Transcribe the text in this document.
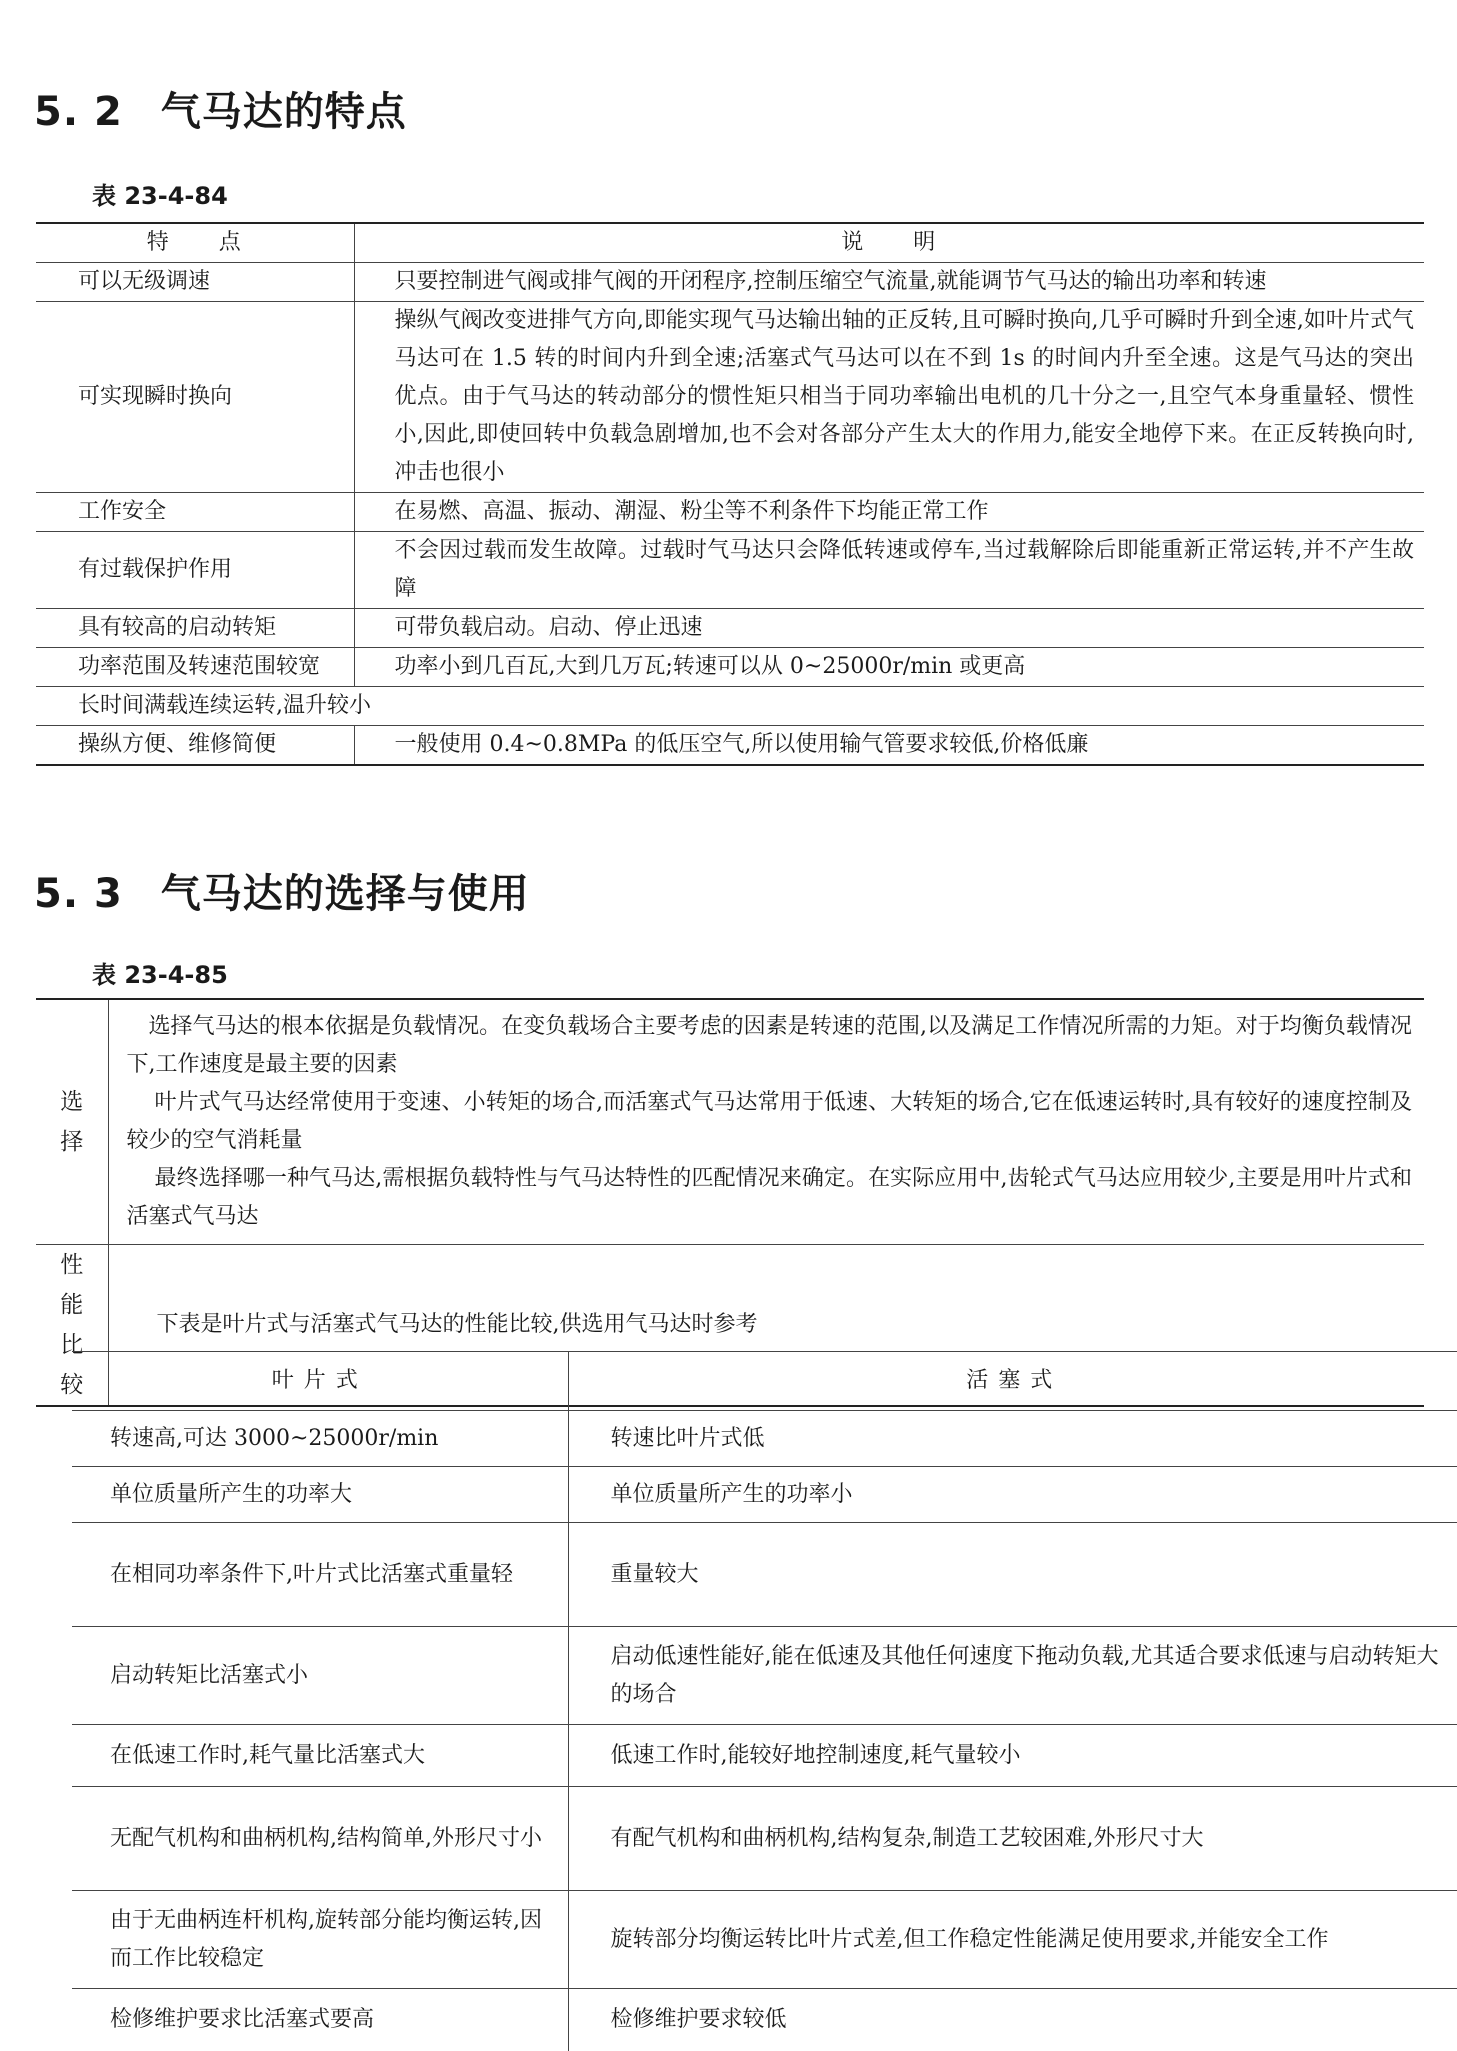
5. 2 气马达的特点
表 23-4-84
特　　点	说　　明
可以无级调速	只要控制进气阀或排气阀的开闭程序,控制压缩空气流量,就能调节气马达的输出功率和转速
可实现瞬时换向	操纵气阀改变进排气方向,即能实现气马达输出轴的正反转,且可瞬时换向,几乎可瞬时升到全速,如叶片式气马达可在 1.5 转的时间内升到全速;活塞式气马达可以在不到 1s 的时间内升至全速。这是气马达的突出优点。由于气马达的转动部分的惯性矩只相当于同功率输出电机的几十分之一,且空气本身重量轻、惯性小,因此,即使回转中负载急剧增加,也不会对各部分产生太大的作用力,能安全地停下来。在正反转换向时,冲击也很小
工作安全	在易燃、高温、振动、潮湿、粉尘等不利条件下均能正常工作
有过载保护作用	不会因过载而发生故障。过载时气马达只会降低转速或停车,当过载解除后即能重新正常运转,并不产生故障
具有较高的启动转矩	可带负载启动。启动、停止迅速
功率范围及转速范围较宽	功率小到几百瓦,大到几万瓦;转速可以从 0~25000r/min 或更高
长时间满载连续运转,温升较小	
操纵方便、维修简便	一般使用 0.4~0.8MPa 的低压空气,所以使用输气管要求较低,价格低廉
5. 3 气马达的选择与使用
表 23-4-85
选择

选择气马达的根本依据是负载情况。在变负载场合主要考虑的因素是转速的范围,以及满足工作情况所需的力矩。对于均衡负载情况下,工作速度是最主要的因素

叶片式气马达经常使用于变速、小转矩的场合,而活塞式气马达常用于低速、大转矩的场合,它在低速运转时,具有较好的速度控制及较少的空气消耗量

最终选择哪一种气马达,需根据负载特性与气马达特性的匹配情况来确定。在实际应用中,齿轮式气马达应用较少,主要是用叶片式和活塞式气马达

性能比较

下表是叶片式与活塞式气马达的性能比较,供选用气马达时参考
叶片式	活塞式
转速高,可达 3000~25000r/min	转速比叶片式低
单位质量所产生的功率大	单位质量所产生的功率小
在相同功率条件下,叶片式比活塞式重量轻	重量较大
启动转矩比活塞式小	启动低速性能好,能在低速及其他任何速度下拖动负载,尤其适合要求低速与启动转矩大的场合
在低速工作时,耗气量比活塞式大	低速工作时,能较好地控制速度,耗气量较小
无配气机构和曲柄机构,结构简单,外形尺寸小	有配气机构和曲柄机构,结构复杂,制造工艺较困难,外形尺寸大
由于无曲柄连杆机构,旋转部分能均衡运转,因而工作比较稳定	旋转部分均衡运转比叶片式差,但工作稳定性能满足使用要求,并能安全工作
检修维护要求比活塞式要高	检修维护要求较低
